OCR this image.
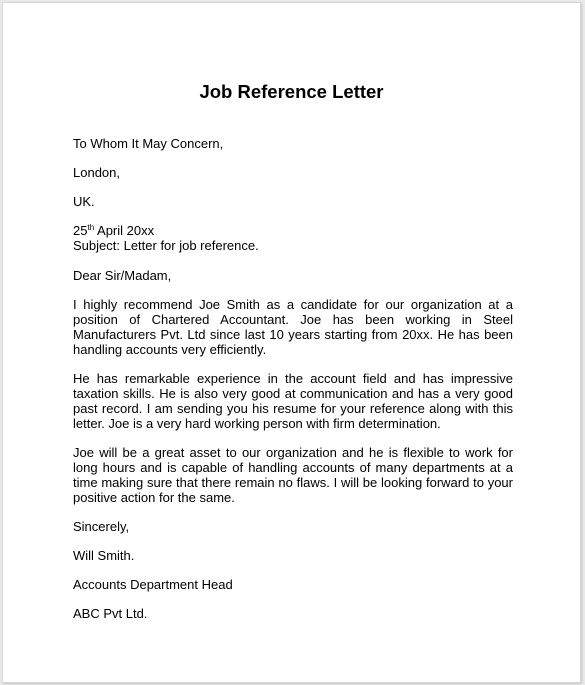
Job Reference Letter

To Whom It May Concern,

London,

UK.

25th April 20xx

Subject: Letter for job reference.

Dear Sir/Madam,

I highly recommend Joe Smith as a candidate for our organization at a position of Chartered Accountant. Joe has been working in Steel Manufacturers Pvt. Ltd since last 10 years starting from 20xx. He has been handling accounts very efficiently.

He has remarkable experience in the account field and has impressive taxation skills. He is also very good at communication and has a very good past record. I am sending you his resume for your reference along with this letter. Joe is a very hard working person with firm determination.

Joe will be a great asset to our organization and he is flexible to work for long hours and is capable of handling accounts of many departments at a time making sure that there remain no flaws. I will be looking forward to your positive action for the same.

Sincerely,

Will Smith.

Accounts Department Head

ABC Pvt Ltd.
